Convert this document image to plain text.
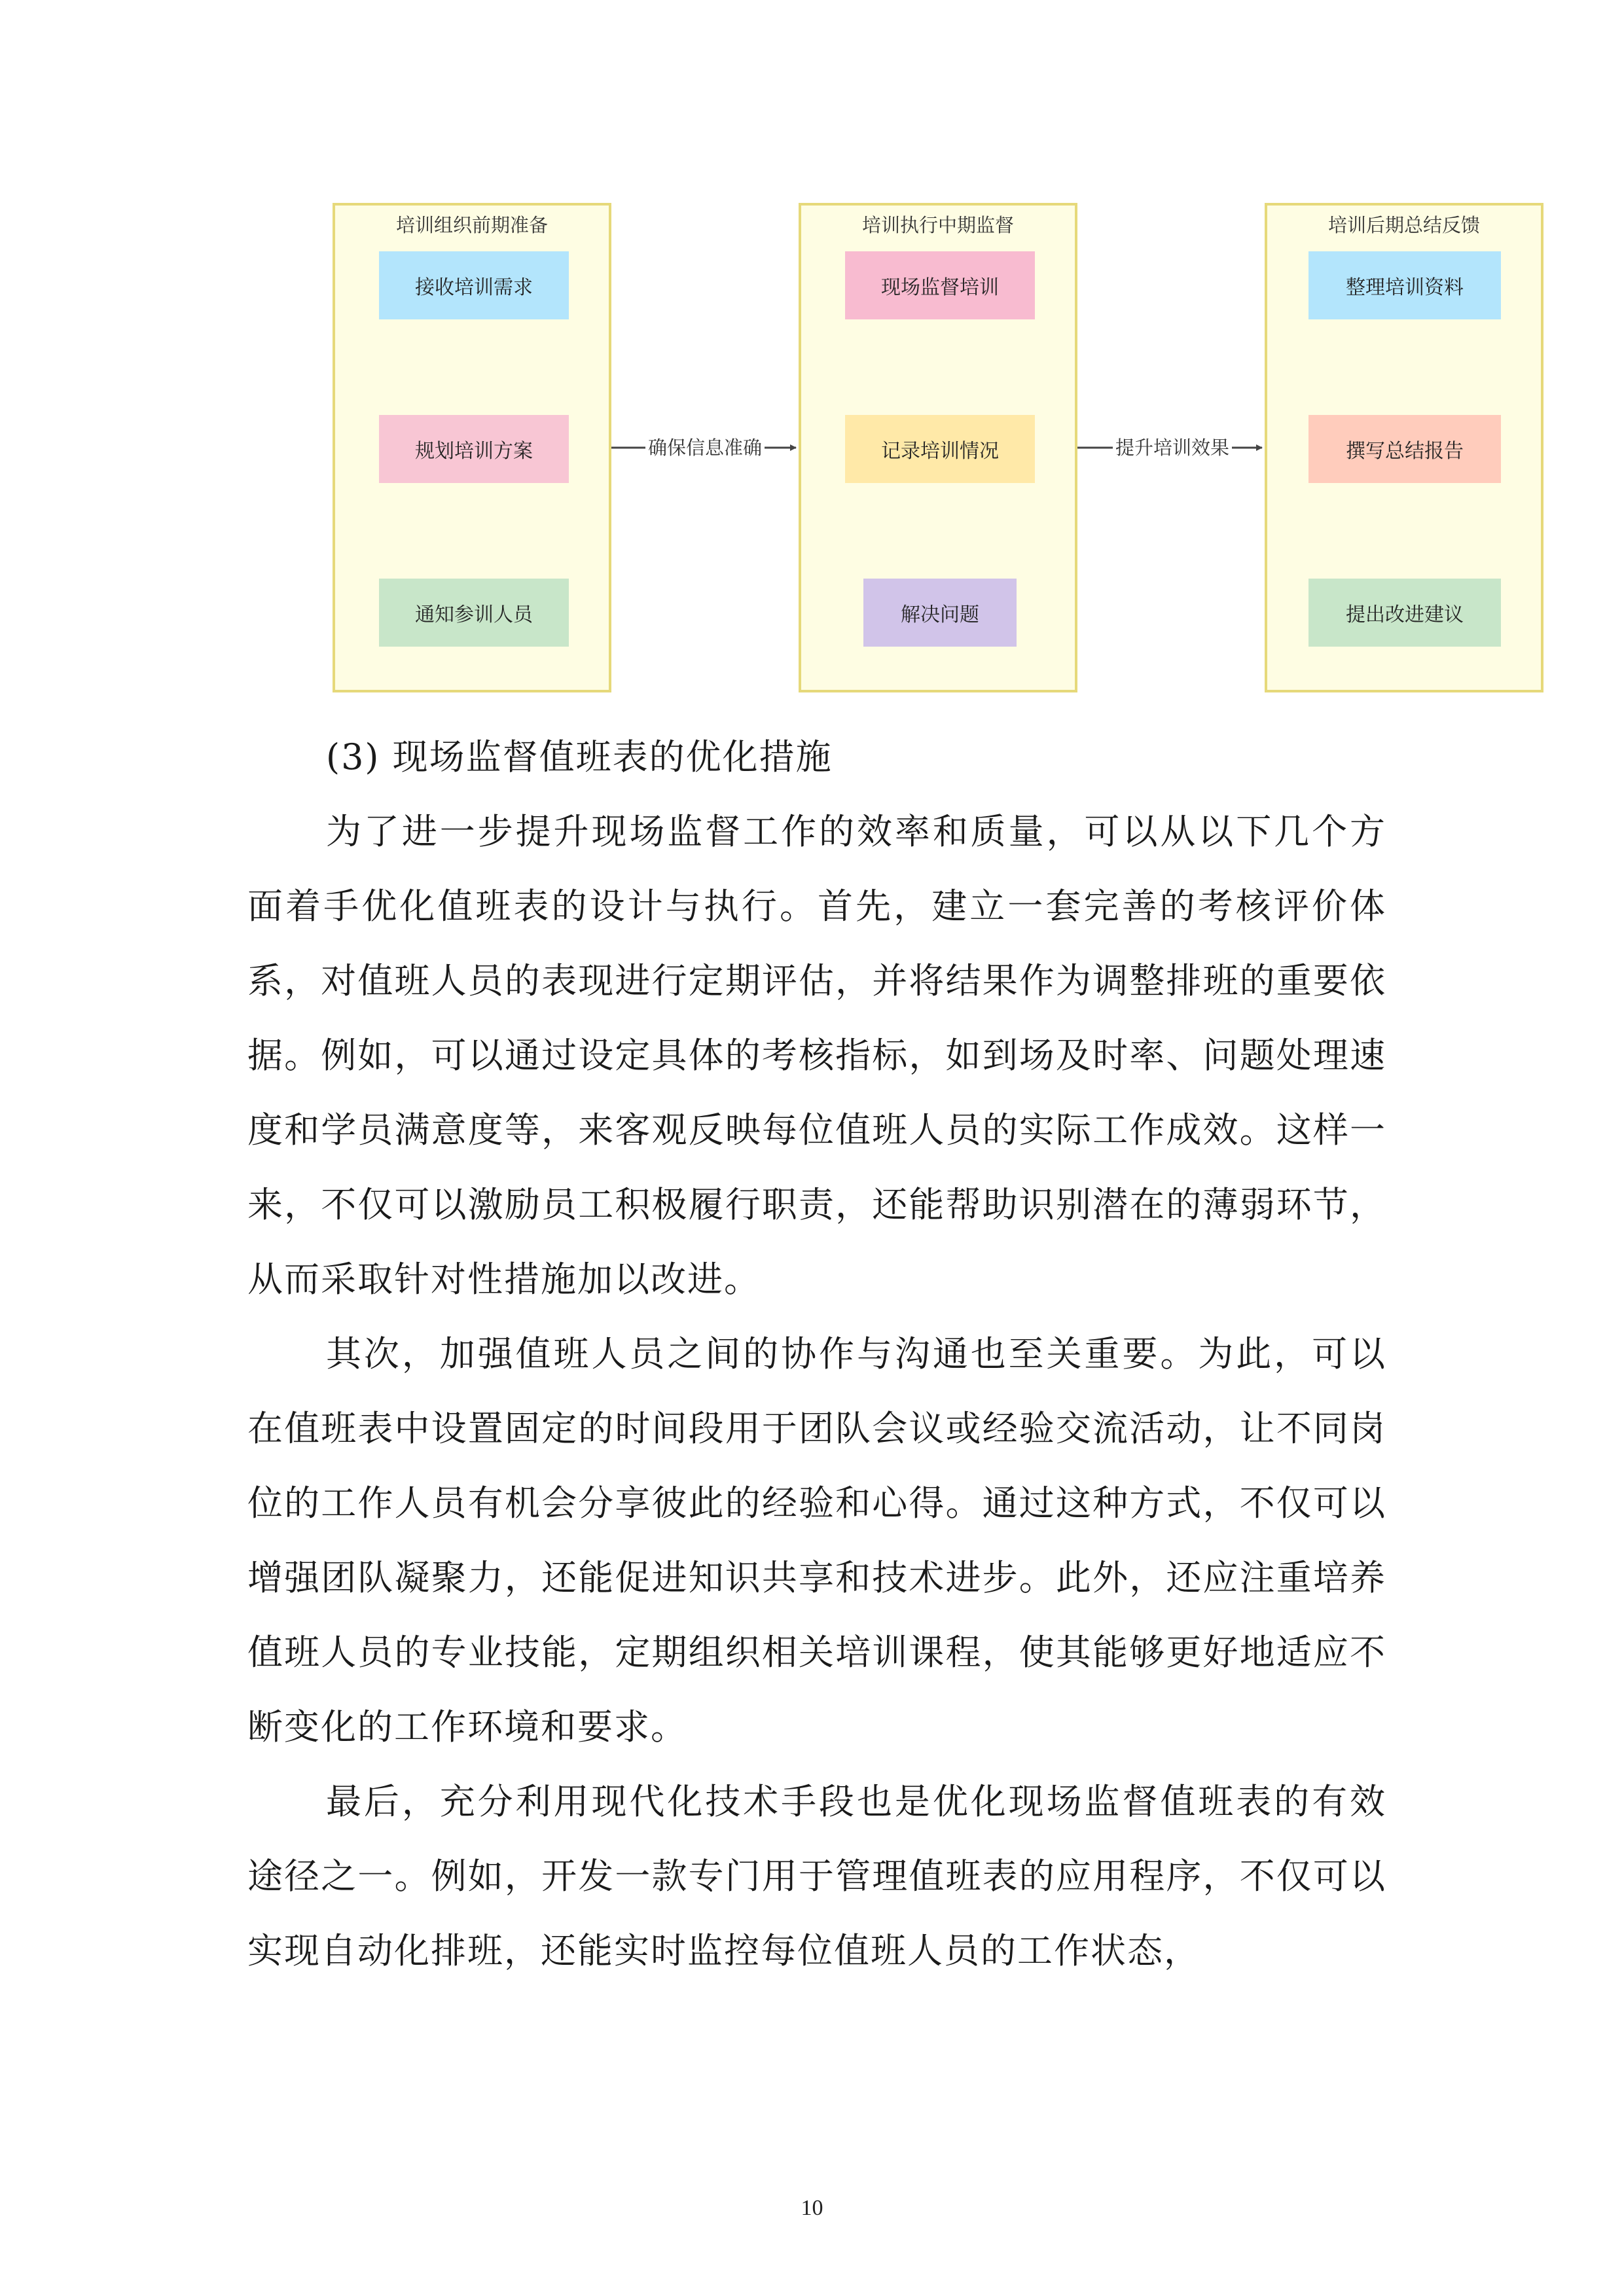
培训组织前期准备
接收培训需求
规划培训方案
通知参训人员
培训执行中期监督
现场监督培训
记录培训情况
解决问题
培训后期总结反馈
整理培训资料
撰写总结报告
提出改进建议
确保信息准确	提升培训效果

(3) 现场监督值班表的优化措施

为了进一步提升现场监督工作的效率和质量，可以从以下几个方面着手优化值班表的设计与执行。首先，建立一套完善的考核评价体系，对值班人员的表现进行定期评估，并将结果作为调整排班的重要依据。例如，可以通过设定具体的考核指标，如到场及时率、问题处理速度和学员满意度等，来客观反映每位值班人员的实际工作成效。这样一来，不仅可以激励员工积极履行职责，还能帮助识别潜在的薄弱环节，从而采取针对性措施加以改进。

其次，加强值班人员之间的协作与沟通也至关重要。为此，可以在值班表中设置固定的时间段用于团队会议或经验交流活动，让不同岗位的工作人员有机会分享彼此的经验和心得。通过这种方式，不仅可以增强团队凝聚力，还能促进知识共享和技术进步。此外，还应注重培养值班人员的专业技能，定期组织相关培训课程，使其能够更好地适应不断变化的工作环境和要求。

最后，充分利用现代化技术手段也是优化现场监督值班表的有效途径之一。例如，开发一款专门用于管理值班表的应用程序，不仅可以实现自动化排班，还能实时监控每位值班人员的工作状态，

10
